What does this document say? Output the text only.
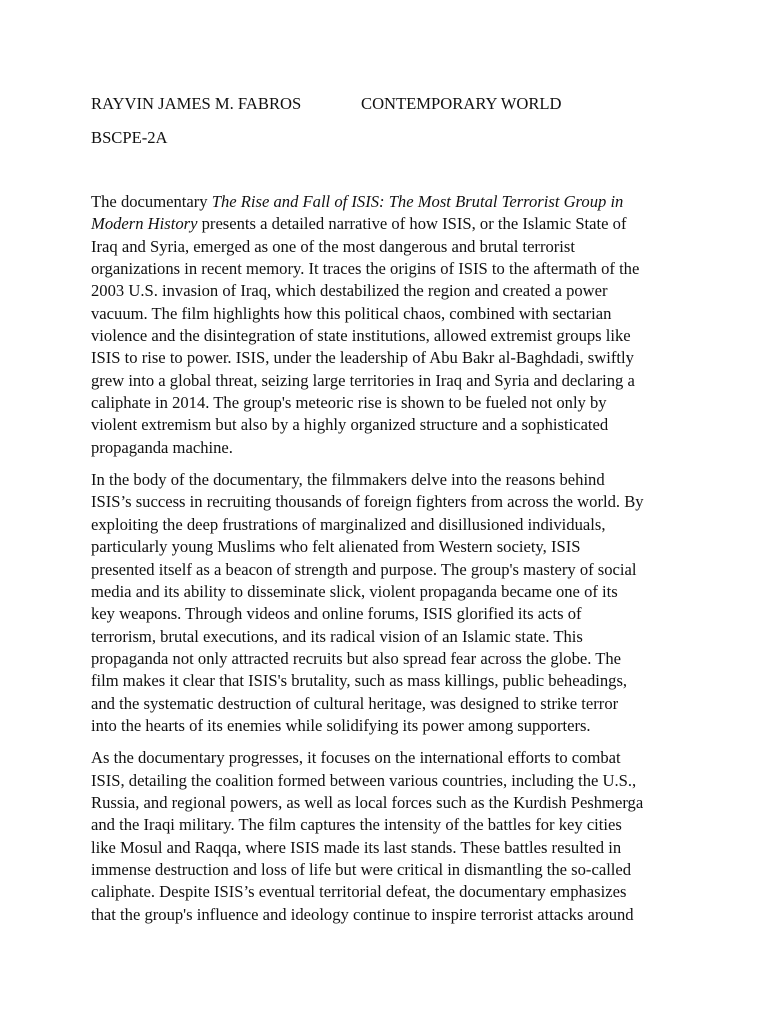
RAYVIN JAMES M. FABROS	CONTEMPORARY WORLD
BSCPE-2A

The documentary The Rise and Fall of ISIS: The Most Brutal Terrorist Group in
Modern History presents a detailed narrative of how ISIS, or the Islamic State of
Iraq and Syria, emerged as one of the most dangerous and brutal terrorist
organizations in recent memory. It traces the origins of ISIS to the aftermath of the
2003 U.S. invasion of Iraq, which destabilized the region and created a power
vacuum. The film highlights how this political chaos, combined with sectarian
violence and the disintegration of state institutions, allowed extremist groups like
ISIS to rise to power. ISIS, under the leadership of Abu Bakr al-Baghdadi, swiftly
grew into a global threat, seizing large territories in Iraq and Syria and declaring a
caliphate in 2014. The group's meteoric rise is shown to be fueled not only by
violent extremism but also by a highly organized structure and a sophisticated
propaganda machine.

In the body of the documentary, the filmmakers delve into the reasons behind
ISIS’s success in recruiting thousands of foreign fighters from across the world. By
exploiting the deep frustrations of marginalized and disillusioned individuals,
particularly young Muslims who felt alienated from Western society, ISIS
presented itself as a beacon of strength and purpose. The group's mastery of social
media and its ability to disseminate slick, violent propaganda became one of its
key weapons. Through videos and online forums, ISIS glorified its acts of
terrorism, brutal executions, and its radical vision of an Islamic state. This
propaganda not only attracted recruits but also spread fear across the globe. The
film makes it clear that ISIS's brutality, such as mass killings, public beheadings,
and the systematic destruction of cultural heritage, was designed to strike terror
into the hearts of its enemies while solidifying its power among supporters.

As the documentary progresses, it focuses on the international efforts to combat
ISIS, detailing the coalition formed between various countries, including the U.S.,
Russia, and regional powers, as well as local forces such as the Kurdish Peshmerga
and the Iraqi military. The film captures the intensity of the battles for key cities
like Mosul and Raqqa, where ISIS made its last stands. These battles resulted in
immense destruction and loss of life but were critical in dismantling the so-called
caliphate. Despite ISIS’s eventual territorial defeat, the documentary emphasizes
that the group's influence and ideology continue to inspire terrorist attacks around
